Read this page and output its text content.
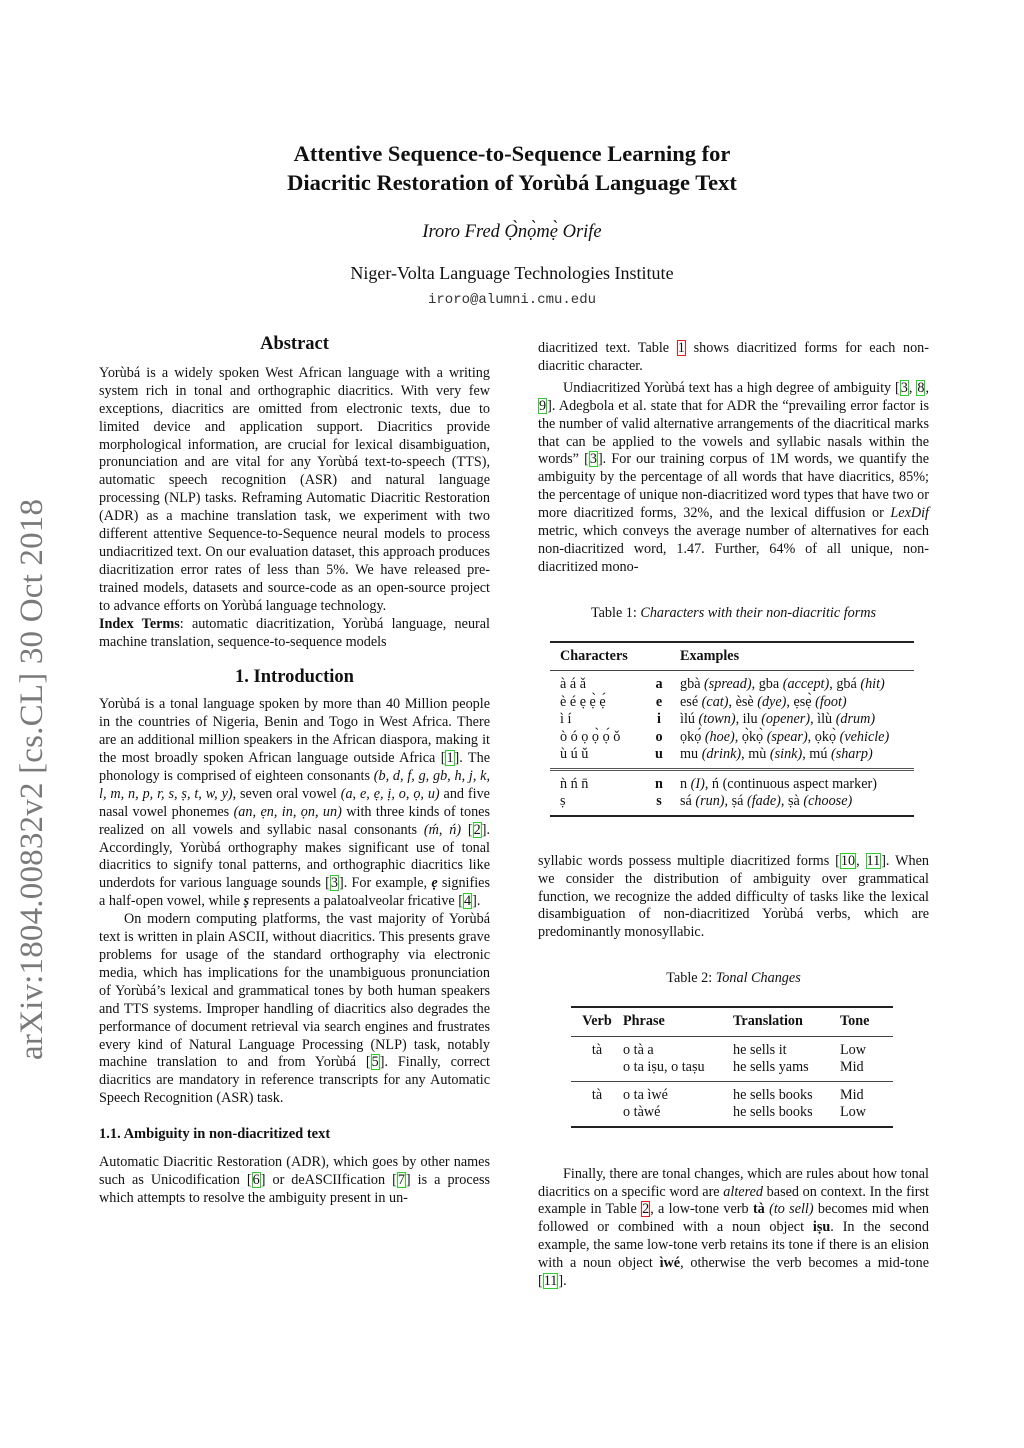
arXiv:1804.00832v2 [cs.CL] 30 Oct 2018
Attentive Sequence-to-Sequence Learning for
Diacritic Restoration of Yorùbá Language Text
Iroro Fred Ọ̀nọ̀mẹ̀ Orife
Niger-Volta Language Technologies Institute
iroro@alumni.cmu.edu
Abstract

Yorùbá is a widely spoken West African language with a writing system rich in tonal and orthographic diacritics. With very few exceptions, diacritics are omitted from electronic texts, due to limited device and application support. Diacritics provide morphological information, are crucial for lexical disambiguation, pronunciation and are vital for any Yorùbá text-to-speech (TTS), automatic speech recognition (ASR) and natural language processing (NLP) tasks. Reframing Automatic Diacritic Restoration (ADR) as a machine translation task, we experiment with two different attentive Sequence-to-Sequence neural models to process undiacritized text. On our evaluation dataset, this approach produces diacritization error rates of less than 5%. We have released pre-trained models, datasets and source-code as an open-source project to advance efforts on Yorùbá language technology.

Index Terms: automatic diacritization, Yorùbá language, neural machine translation, sequence-to-sequence models

1. Introduction

Yorùbá is a tonal language spoken by more than 40 Million people in the countries of Nigeria, Benin and Togo in West Africa. There are an additional million speakers in the African diaspora, making it the most broadly spoken African language outside Africa [1]. The phonology is comprised of eighteen consonants (b, d, f, g, gb, h, j, k, l, m, n, p, r, s, ṣ, t, w, y), seven oral vowel (a, e, ẹ, ị, o, ọ, u) and five nasal vowel phonemes (an, ẹn, in, ọn, un) with three kinds of tones realized on all vowels and syllabic nasal consonants (ḿ, ń) [2]. Accordingly, Yorùbá orthography makes significant use of tonal diacritics to signify tonal patterns, and orthographic diacritics like underdots for various language sounds [3]. For example, ẹ signifies a half-open vowel, while ṣ represents a palatoalveolar fricative [4].

On modern computing platforms, the vast majority of Yorùbá text is written in plain ASCII, without diacritics. This presents grave problems for usage of the standard orthography via electronic media, which has implications for the unambiguous pronunciation of Yorùbá’s lexical and grammatical tones by both human speakers and TTS systems. Improper handling of diacritics also degrades the performance of document retrieval via search engines and frustrates every kind of Natural Language Processing (NLP) task, notably machine translation to and from Yorùbá [5]. Finally, correct diacritics are mandatory in reference transcripts for any Automatic Speech Recognition (ASR) task.

1.1. Ambiguity in non-diacritized text

Automatic Diacritic Restoration (ADR), which goes by other names such as Unicodification [6] or deASCIIfication [7] is a process which attempts to resolve the ambiguity present in un-

diacritized text. Table 1 shows diacritized forms for each non-diacritic character.

Undiacritized Yorùbá text has a high degree of ambiguity [3, 8, 9]. Adegbola et al. state that for ADR the “prevailing error factor is the number of valid alternative arrangements of the diacritical marks that can be applied to the vowels and syllabic nasals within the words” [3]. For our training corpus of 1M words, we quantify the ambiguity by the percentage of all words that have diacritics, 85%; the percentage of unique non-diacritized word types that have two or more diacritized forms, 32%, and the lexical diffusion or LexDif metric, which conveys the average number of alternatives for each non-diacritized word, 1.47. Further, 64% of all unique, non-diacritized mono-

Table 1: Characters with their non-diacritic forms
Characters		Examples
à á ǎ	a	gbà (spread), gba (accept), gbá (hit)
è é ẹ ẹ̀ ẹ́	e	esé (cat), èsè (dye), ẹsẹ̀ (foot)
ì í	i	ìlú (town), ilu (opener), ìlù (drum)
ò ó ọ ọ̀ ọ́ ǒ	o	ọkọ́ (hoe), ọ̀kọ̀ (spear), ọkọ̀ (vehicle)
ù ú ǔ	u	mu (drink), mù (sink), mú (sharp)
ǹ ń n̄	n	n (I), ń (continuous aspect marker)
ṣ	s	sá (run), ṣá (fade), ṣà (choose)

syllabic words possess multiple diacritized forms [10, 11]. When we consider the distribution of ambiguity over grammatical function, we recognize the added difficulty of tasks like the lexical disambiguation of non-diacritized Yorùbá verbs, which are predominantly monosyllabic.

Table 2: Tonal Changes
Verb	Phrase	Translation	Tone
tà	o tà a	he sells it	Low
	o ta iṣu, o taṣu	he sells yams	Mid
tà	o ta ìwé	he sells books	Mid
	o tàwé	he sells books	Low

Finally, there are tonal changes, which are rules about how tonal diacritics on a specific word are altered based on context. In the first example in Table 2, a low-tone verb tà (to sell) becomes mid when followed or combined with a noun object iṣu. In the second example, the same low-tone verb retains its tone if there is an elision with a noun object ìwé, otherwise the verb becomes a mid-tone [11].
